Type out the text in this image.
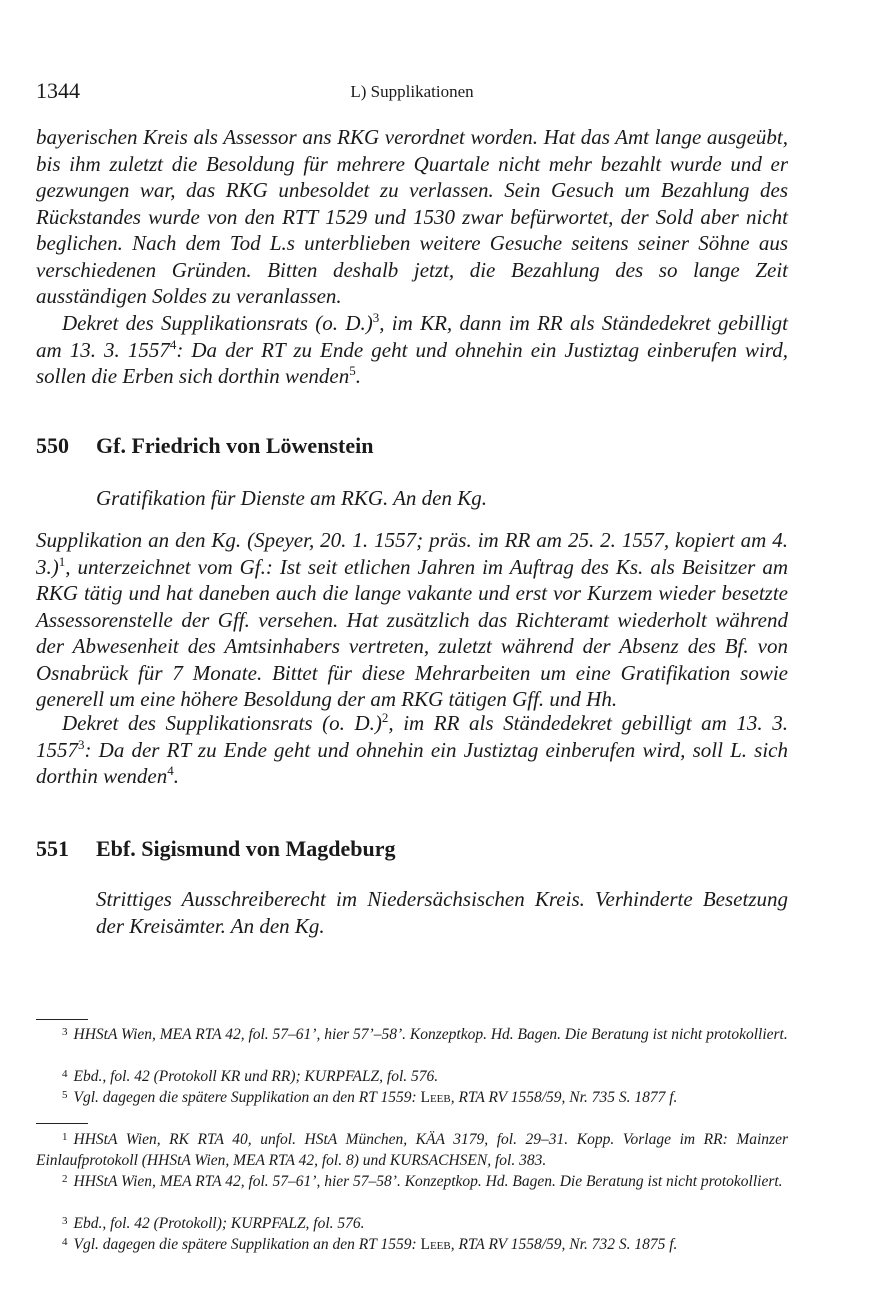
1344	L) Supplikationen

bayerischen Kreis als Assessor ans RKG verordnet worden. Hat das Amt lange ausgeübt, bis ihm zuletzt die Besoldung für mehrere Quartale nicht mehr bezahlt wurde und er gezwungen war, das RKG unbesoldet zu verlassen. Sein Gesuch um Bezahlung des Rückstandes wurde von den RTT 1529 und 1530 zwar befürwortet, der Sold aber nicht beglichen. Nach dem Tod L.s unterblieben weitere Gesuche seitens seiner Söhne aus verschiedenen Gründen. Bitten deshalb jetzt, die Bezahlung des so lange Zeit ausständigen Soldes zu veranlassen.

Dekret des Supplikationsrats (o. D.)$^3$, im KR, dann im RR als Ständedekret gebilligt am 13. 3. 1557$^4$: Da der RT zu Ende geht und ohnehin ein Justiztag einberufen wird, sollen die Erben sich dorthin wenden$^5$.

550 Gf. Friedrich von Löwenstein

Gratifikation für Dienste am RKG. An den Kg.

Supplikation an den Kg. (Speyer, 20. 1. 1557; präs. im RR am 25. 2. 1557, kopiert am 4. 3.)$^1$, unterzeichnet vom Gf.: Ist seit etlichen Jahren im Auftrag des Ks. als Beisitzer am RKG tätig und hat daneben auch die lange vakante und erst vor Kurzem wieder besetzte Assessorenstelle der Gff. versehen. Hat zusätzlich das Richteramt wiederholt während der Abwesenheit des Amtsinhabers vertreten, zuletzt während der Absenz des Bf. von Osnabrück für 7 Monate. Bittet für diese Mehrarbeiten um eine Gratifikation sowie generell um eine höhere Besoldung der am RKG tätigen Gff. und Hh.

Dekret des Supplikationsrats (o. D.)$^2$, im RR als Ständedekret gebilligt am 13. 3. 1557$^3$: Da der RT zu Ende geht und ohnehin ein Justiztag einberufen wird, soll L. sich dorthin wenden$^4$.

551 Ebf. Sigismund von Magdeburg

Strittiges Ausschreiberecht im Niedersächsischen Kreis. Verhinderte Besetzung der Kreisämter. An den Kg.

$^3$ HHStA Wien, MEA RTA 42, fol. 57–61’, hier 57’–58’. Konzeptkop. Hd. Bagen. Die Beratung ist nicht protokolliert.

$^4$ Ebd., fol. 42 (Protokoll KR und RR); KURPFALZ, fol. 576.

$^5$ Vgl. dagegen die spätere Supplikation an den RT 1559: Leeb, RTA RV 1558/59, Nr. 735 S. 1877 f.

$^1$ HHStA Wien, RK RTA 40, unfol. HStA München, KÄA 3179, fol. 29–31. Kopp. Vorlage im RR: Mainzer Einlaufprotokoll (HHStA Wien, MEA RTA 42, fol. 8) und KURSACHSEN, fol. 383.

$^2$ HHStA Wien, MEA RTA 42, fol. 57–61’, hier 57–58’. Konzeptkop. Hd. Bagen. Die Beratung ist nicht protokolliert.

$^3$ Ebd., fol. 42 (Protokoll); KURPFALZ, fol. 576.

$^4$ Vgl. dagegen die spätere Supplikation an den RT 1559: Leeb, RTA RV 1558/59, Nr. 732 S. 1875 f.
